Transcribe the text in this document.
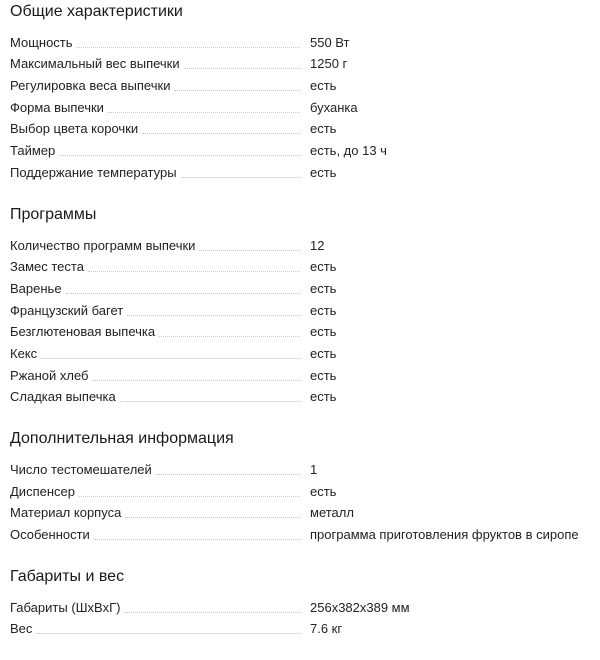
Общие характеристики
Мощность	550 Вт
Максимальный вес выпечки	1250 г
Регулировка веса выпечки	есть
Форма выпечки	буханка
Выбор цвета корочки	есть
Таймер	есть, до 13 ч
Поддержание температуры	есть
Программы
Количество программ выпечки	12
Замес теста	есть
Варенье	есть
Французский багет	есть
Безглютеновая выпечка	есть
Кекс	есть
Ржаной хлеб	есть
Сладкая выпечка	есть
Дополнительная информация
Число тестомешателей	1
Диспенсер	есть
Материал корпуса	металл
Особенности	программа приготовления фруктов в сиропе
Габариты и вес
Габариты (ШхВхГ)	256x382x389 мм
Вес	7.6 кг
